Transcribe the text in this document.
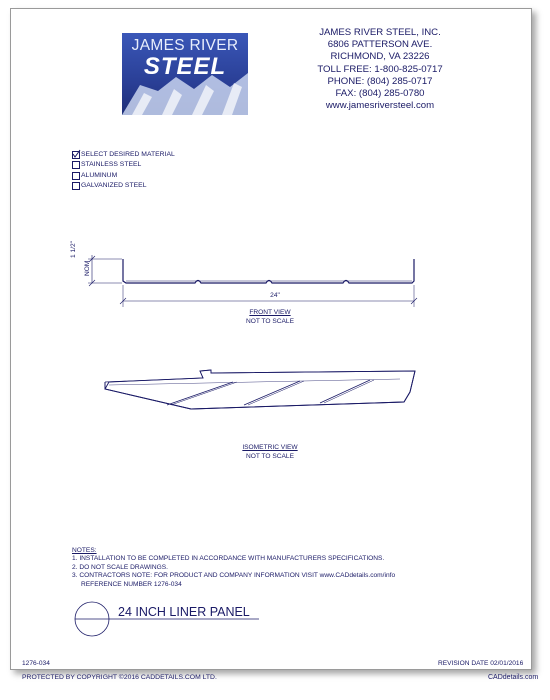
JAMES RIVER
STEEL
JAMES RIVER STEEL, INC.
6806 PATTERSON AVE.
RICHMOND, VA 23226
TOLL FREE: 1-800-825-0717
PHONE: (804) 285-0717
FAX: (804) 285-0780
www.jamesriversteel.com
SELECT DESIRED MATERIAL
STAINLESS STEEL
ALUMINUM
GALVANIZED STEEL
1 1/2"
NOM
24"
FRONT VIEW
NOT TO SCALE
ISOMETRIC VIEW
NOT TO SCALE
NOTES:
1. INSTALLATION TO BE COMPLETED IN ACCORDANCE WITH MANUFACTURERS SPECIFICATIONS.
2. DO NOT SCALE DRAWINGS.
3. CONTRACTORS NOTE: FOR PRODUCT AND COMPANY INFORMATION VISIT www.CADdetails.com/info
REFERENCE NUMBER 1276-034
24 INCH LINER PANEL
1276-034	REVISION DATE 02/01/2016
PROTECTED BY COPYRIGHT ©2016 CADDETAILS.COM LTD.	CADdetails.com
